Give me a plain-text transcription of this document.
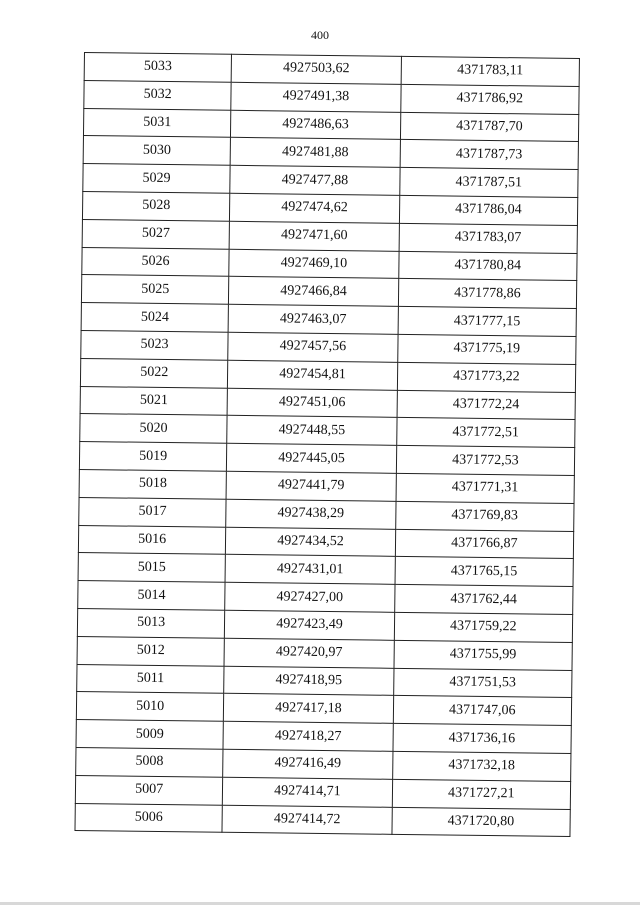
400
5033	4927503,62	4371783,11
5032	4927491,38	4371786,92
5031	4927486,63	4371787,70
5030	4927481,88	4371787,73
5029	4927477,88	4371787,51
5028	4927474,62	4371786,04
5027	4927471,60	4371783,07
5026	4927469,10	4371780,84
5025	4927466,84	4371778,86
5024	4927463,07	4371777,15
5023	4927457,56	4371775,19
5022	4927454,81	4371773,22
5021	4927451,06	4371772,24
5020	4927448,55	4371772,51
5019	4927445,05	4371772,53
5018	4927441,79	4371771,31
5017	4927438,29	4371769,83
5016	4927434,52	4371766,87
5015	4927431,01	4371765,15
5014	4927427,00	4371762,44
5013	4927423,49	4371759,22
5012	4927420,97	4371755,99
5011	4927418,95	4371751,53
5010	4927417,18	4371747,06
5009	4927418,27	4371736,16
5008	4927416,49	4371732,18
5007	4927414,71	4371727,21
5006	4927414,72	4371720,80
